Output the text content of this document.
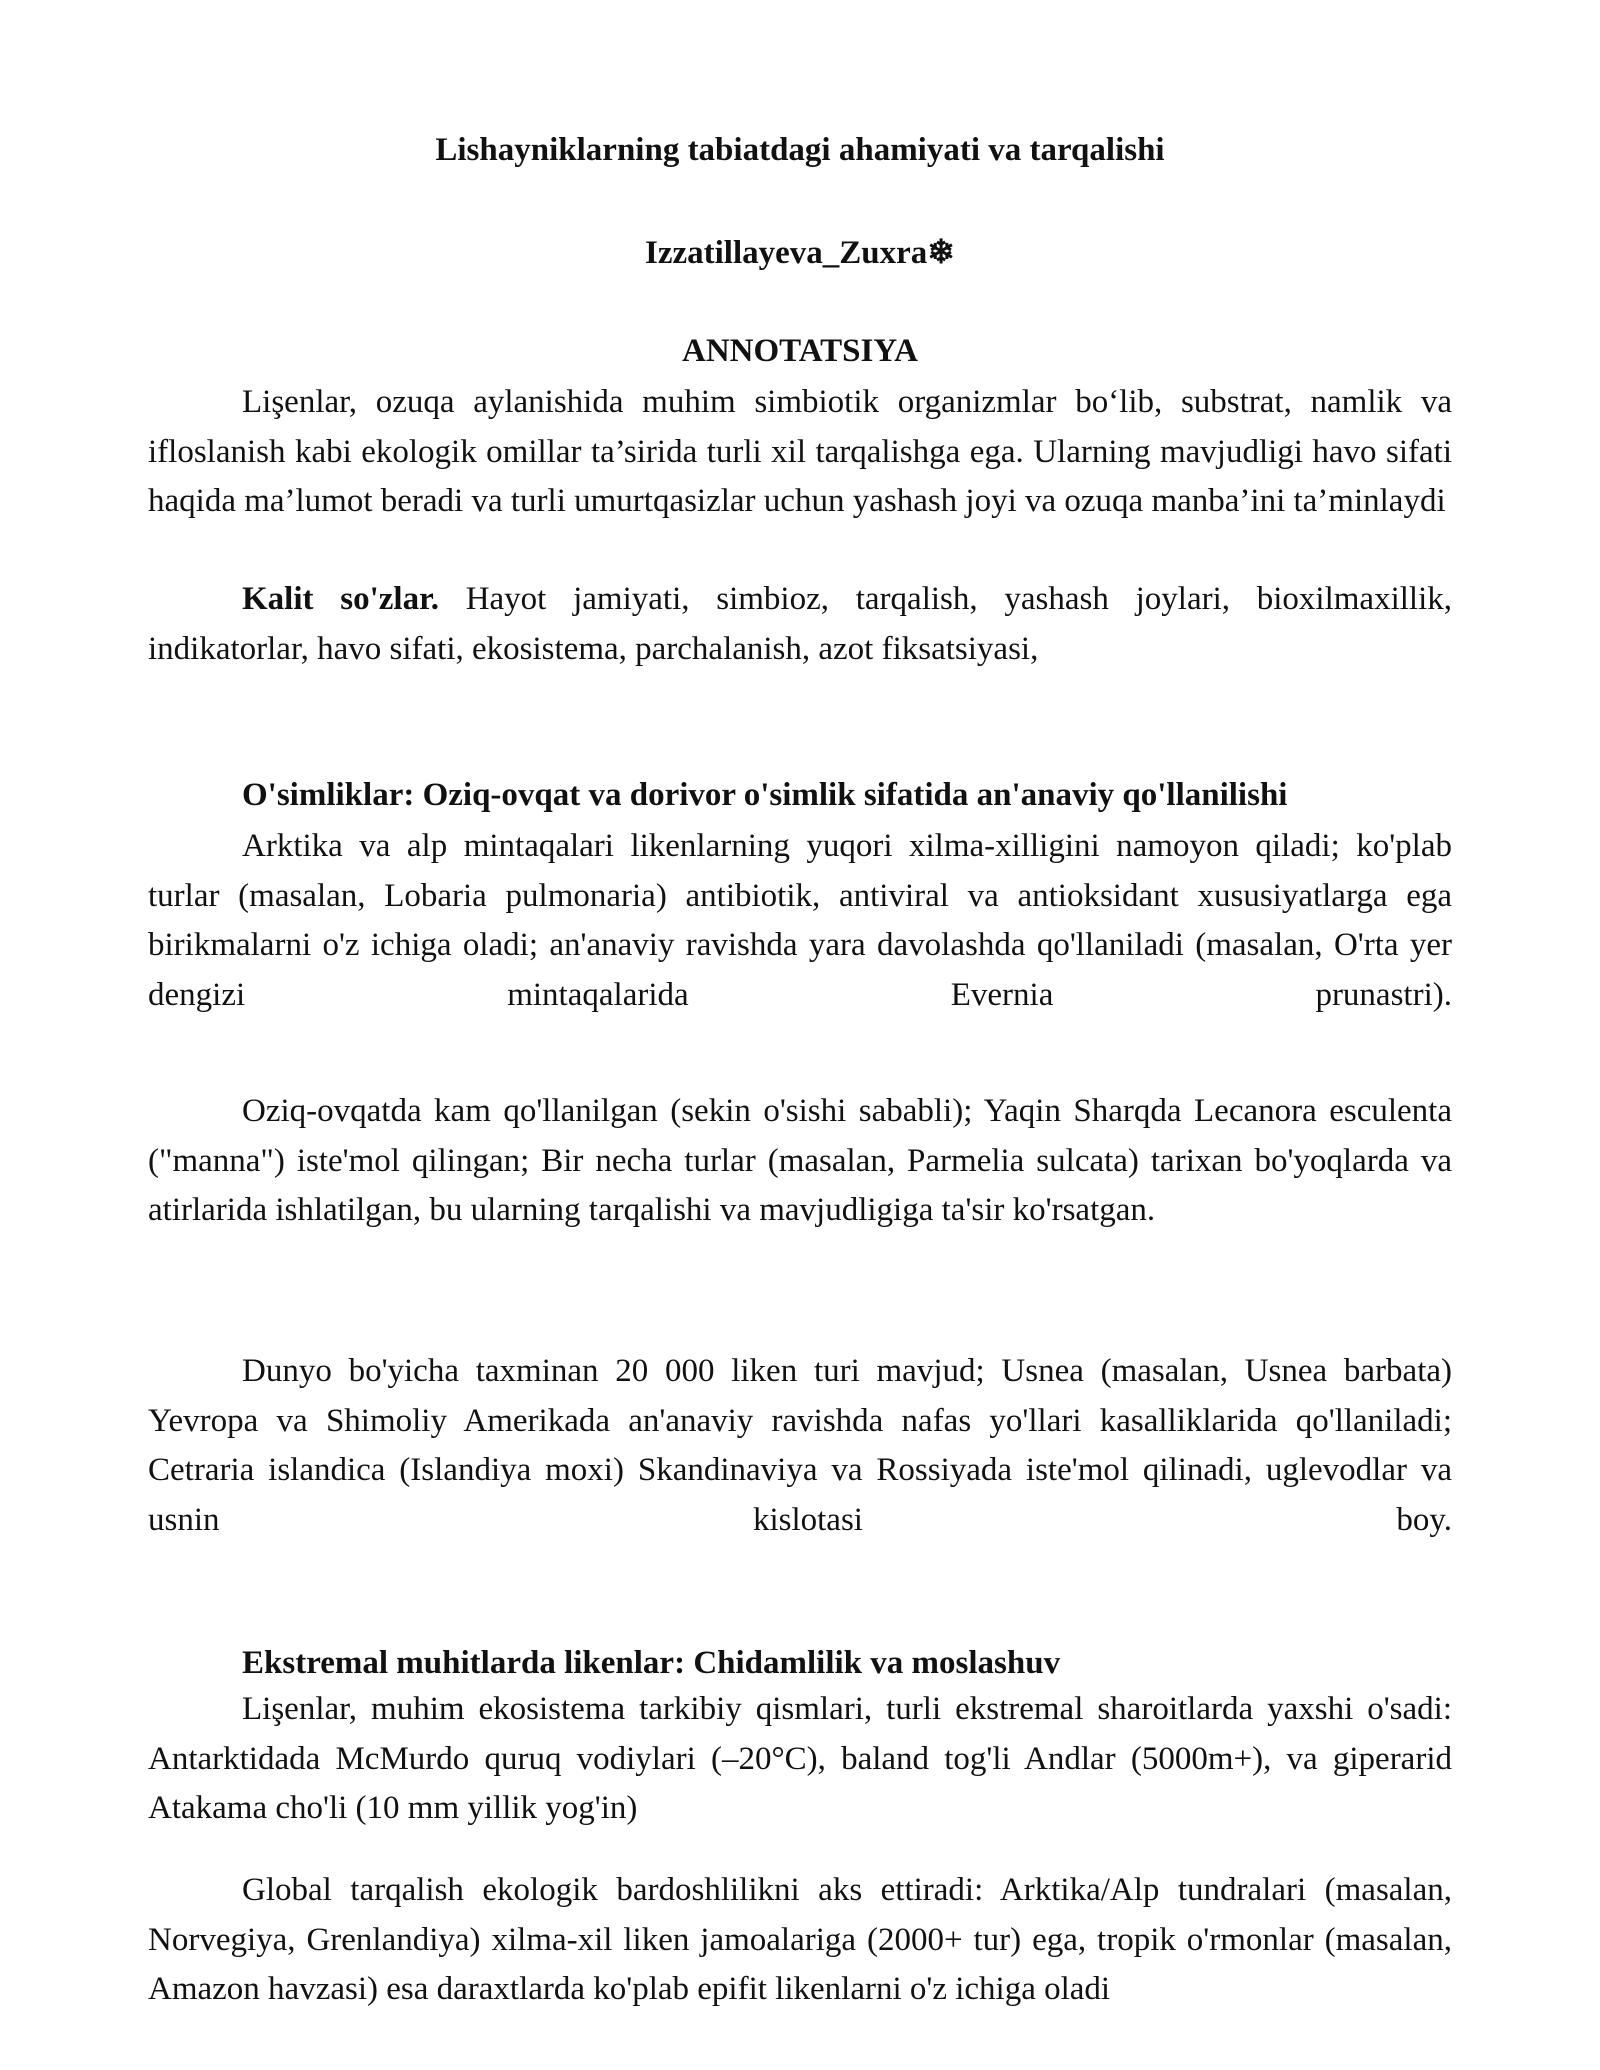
Lishayniklarning tabiatdagi ahamiyati va tarqalishi
Izzatillayeva_Zuxra❄
ANNOTATSIYA

Lişenlar, ozuqa aylanishida muhim simbiotik organizmlar bo‘lib, substrat, namlik va ifloslanish kabi ekologik omillar ta’sirida turli xil tarqalishga ega. Ularning mavjudligi havo sifati haqida ma’lumot beradi va turli umurtqasizlar uchun yashash joyi va ozuqa manba’ini ta’minlaydi

Kalit so'zlar. Hayot jamiyati, simbioz, tarqalish, yashash joylari, bioxilmaxillik, indikatorlar, havo sifati, ekosistema, parchalanish, azot fiksatsiyasi,

O'simliklar: Oziq-ovqat va dorivor o'simlik sifatida an'anaviy qo'llanilishi

Arktika va alp mintaqalari likenlarning yuqori xilma-xilligini namoyon qiladi; ko'plab turlar (masalan, Lobaria pulmonaria) antibiotik, antiviral va antioksidant xususiyatlarga ega birikmalarni o'z ichiga oladi; an'anaviy ravishda yara davolashda qo'llaniladi (masalan, O'rta yer dengizi mintaqalarida Evernia prunastri).

Oziq-ovqatda kam qo'llanilgan (sekin o'sishi sababli); Yaqin Sharqda Lecanora esculenta ("manna") iste'mol qilingan; Bir necha turlar (masalan, Parmelia sulcata) tarixan bo'yoqlarda va atirlarida ishlatilgan, bu ularning tarqalishi va mavjudligiga ta'sir ko'rsatgan.

Dunyo bo'yicha taxminan 20 000 liken turi mavjud; Usnea (masalan, Usnea barbata) Yevropa va Shimoliy Amerikada an'anaviy ravishda nafas yo'llari kasalliklarida qo'llaniladi; Cetraria islandica (Islandiya moxi) Skandinaviya va Rossiyada iste'mol qilinadi, uglevodlar va usnin kislotasi boy.

Ekstremal muhitlarda likenlar: Chidamlilik va moslashuv

Lişenlar, muhim ekosistema tarkibiy qismlari, turli ekstremal sharoitlarda yaxshi o'sadi: Antarktidada McMurdo quruq vodiylari (–20°C), baland tog'li Andlar (5000m+), va giperarid Atakama cho'li (10 mm yillik yog'in)

Global tarqalish ekologik bardoshlilikni aks ettiradi: Arktika/Alp tundralari (masalan, Norvegiya, Grenlandiya) xilma-xil liken jamoalariga (2000+ tur) ega, tropik o'rmonlar (masalan, Amazon havzasi) esa daraxtlarda ko'plab epifit likenlarni o'z ichiga oladi
